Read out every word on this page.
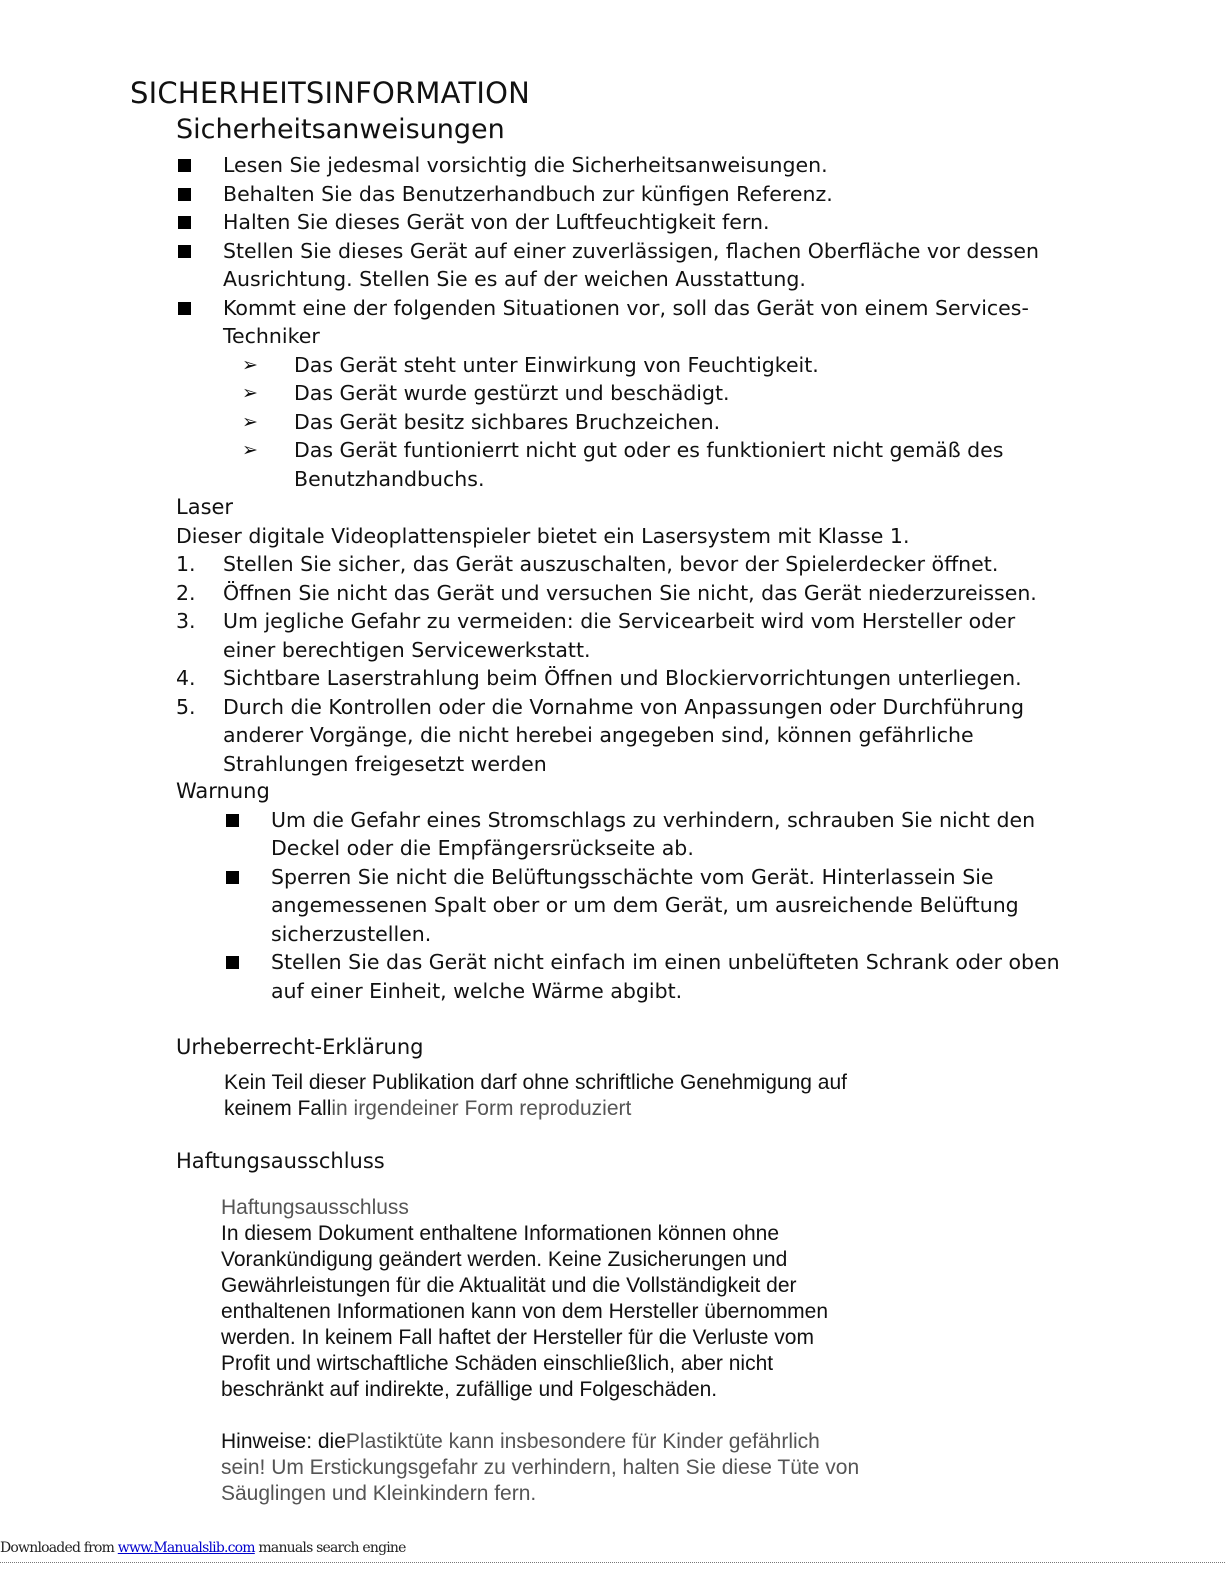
SICHERHEITSINFORMATION
Sicherheitsanweisungen
Lesen Sie jedesmal vorsichtig die Sicherheitsanweisungen.
Behalten Sie das Benutzerhandbuch zur künfigen Referenz.
Halten Sie dieses Gerät von der Luftfeuchtigkeit fern.
Stellen Sie dieses Gerät auf einer zuverlässigen, flachen Oberfläche vor dessen
Ausrichtung. Stellen Sie es auf der weichen Ausstattung.
Kommt eine der folgenden Situationen vor, soll das Gerät von einem Services-
Techniker
➢ Das Gerät steht unter Einwirkung von Feuchtigkeit.
➢ Das Gerät wurde gestürzt und beschädigt.
➢ Das Gerät besitz sichbares Bruchzeichen.
➢ Das Gerät funtionierrt nicht gut oder es funktioniert nicht gemäß des
Benutzhandbuchs.
Laser
Dieser digitale Videoplattenspieler bietet ein Lasersystem mit Klasse 1.
1. Stellen Sie sicher, das Gerät auszuschalten, bevor der Spielerdecker öffnet.
2. Öffnen Sie nicht das Gerät und versuchen Sie nicht, das Gerät niederzureissen.
3. Um jegliche Gefahr zu vermeiden: die Servicearbeit wird vom Hersteller oder
einer berechtigen Servicewerkstatt.
4. Sichtbare Laserstrahlung beim Öffnen und Blockiervorrichtungen unterliegen.
5. Durch die Kontrollen oder die Vornahme von Anpassungen oder Durchführung
anderer Vorgänge, die nicht herebei angegeben sind, können gefährliche
Strahlungen freigesetzt werden
Warnung
Um die Gefahr eines Stromschlags zu verhindern, schrauben Sie nicht den
Deckel oder die Empfängersrückseite ab.
Sperren Sie nicht die Belüftungsschächte vom Gerät. Hinterlassein Sie
angemessenen Spalt ober or um dem Gerät, um ausreichende Belüftung
sicherzustellen.
Stellen Sie das Gerät nicht einfach im einen unbelüfteten Schrank oder oben
auf einer Einheit, welche Wärme abgibt.
Urheberrecht-Erklärung
Kein Teil dieser Publikation darf ohne schriftliche Genehmigung auf
keinem Fallin irgendeiner Form reproduziert
Haftungsausschluss
Haftungsausschluss
In diesem Dokument enthaltene Informationen können ohne
Vorankündigung geändert werden. Keine Zusicherungen und
Gewährleistungen für die Aktualität und die Vollständigkeit der
enthaltenen Informationen kann von dem Hersteller übernommen
werden. In keinem Fall haftet der Hersteller für die Verluste vom
Profit und wirtschaftliche Schäden einschließlich, aber nicht
beschränkt auf indirekte, zufällige und Folgeschäden.
Hinweise: diePlastiktüte kann insbesondere für Kinder gefährlich
sein! Um Erstickungsgefahr zu verhindern, halten Sie diese Tüte von
Säuglingen und Kleinkindern fern.
Downloaded from www.Manualslib.com manuals search engine
